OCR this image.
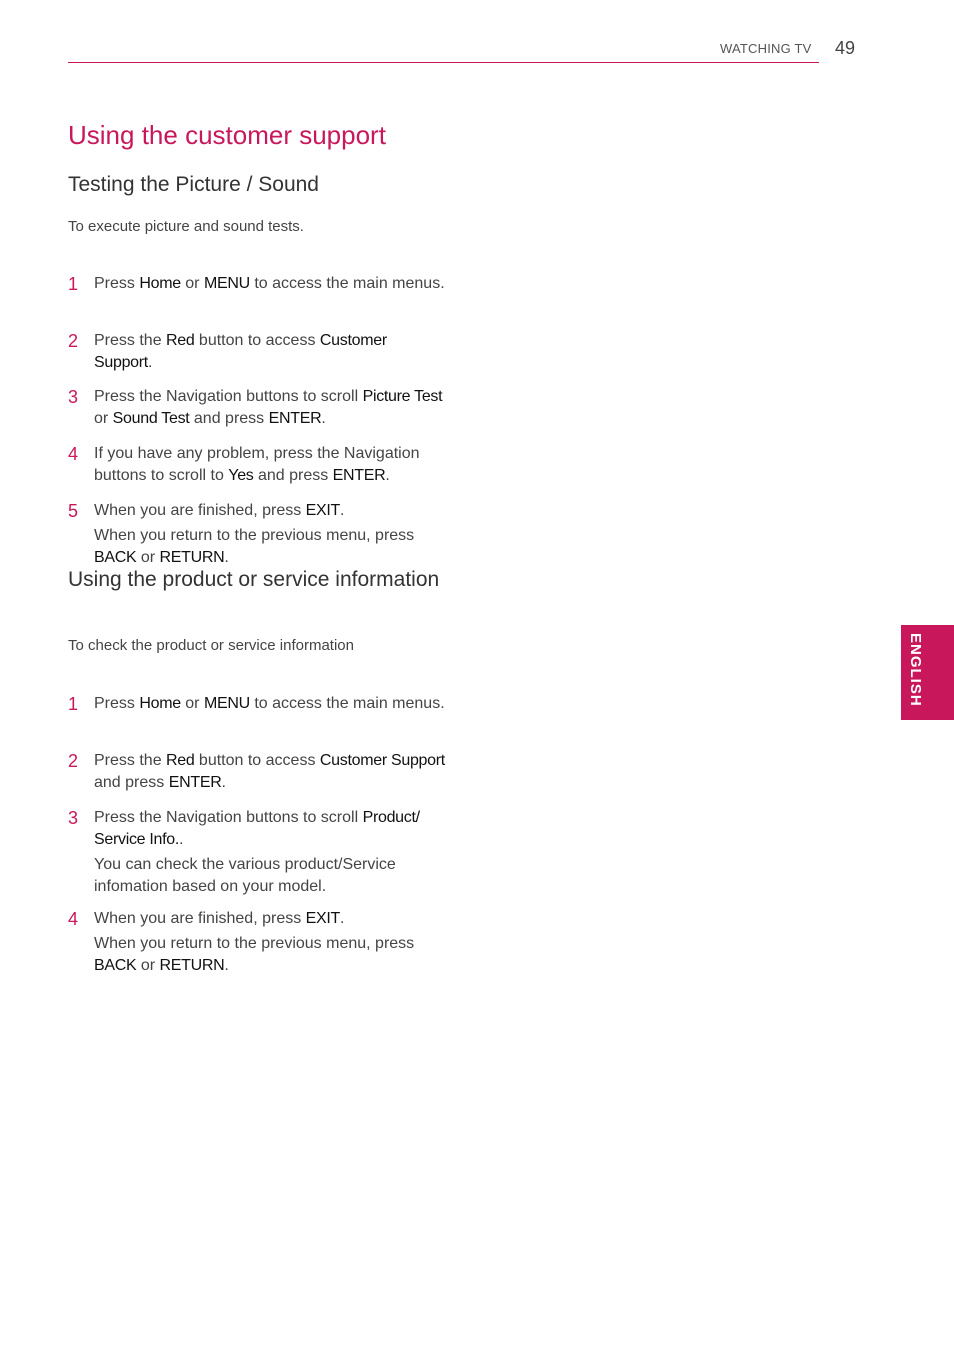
WATCHING TV 49
Using the customer support
Testing the Picture / Sound
To execute picture and sound tests.
1 Press Home or MENU to access the main menus.
2 Press the Red button to access Customer Support.
3 Press the Navigation buttons to scroll Picture Test or Sound Test and press ENTER.
4 If you have any problem, press the Navigation buttons to scroll to Yes and press ENTER.
5 When you are finished, press EXIT.
When you return to the previous menu, press BACK or RETURN.
Using the product or service information
To check the product or service information
1 Press Home or MENU to access the main menus.
2 Press the Red button to access Customer Support and press ENTER.
3 Press the Navigation buttons to scroll Product/ Service Info..
You can check the various product/Service infomation based on your model.
4 When you are finished, press EXIT.
When you return to the previous menu, press BACK or RETURN.
ENGLISH
